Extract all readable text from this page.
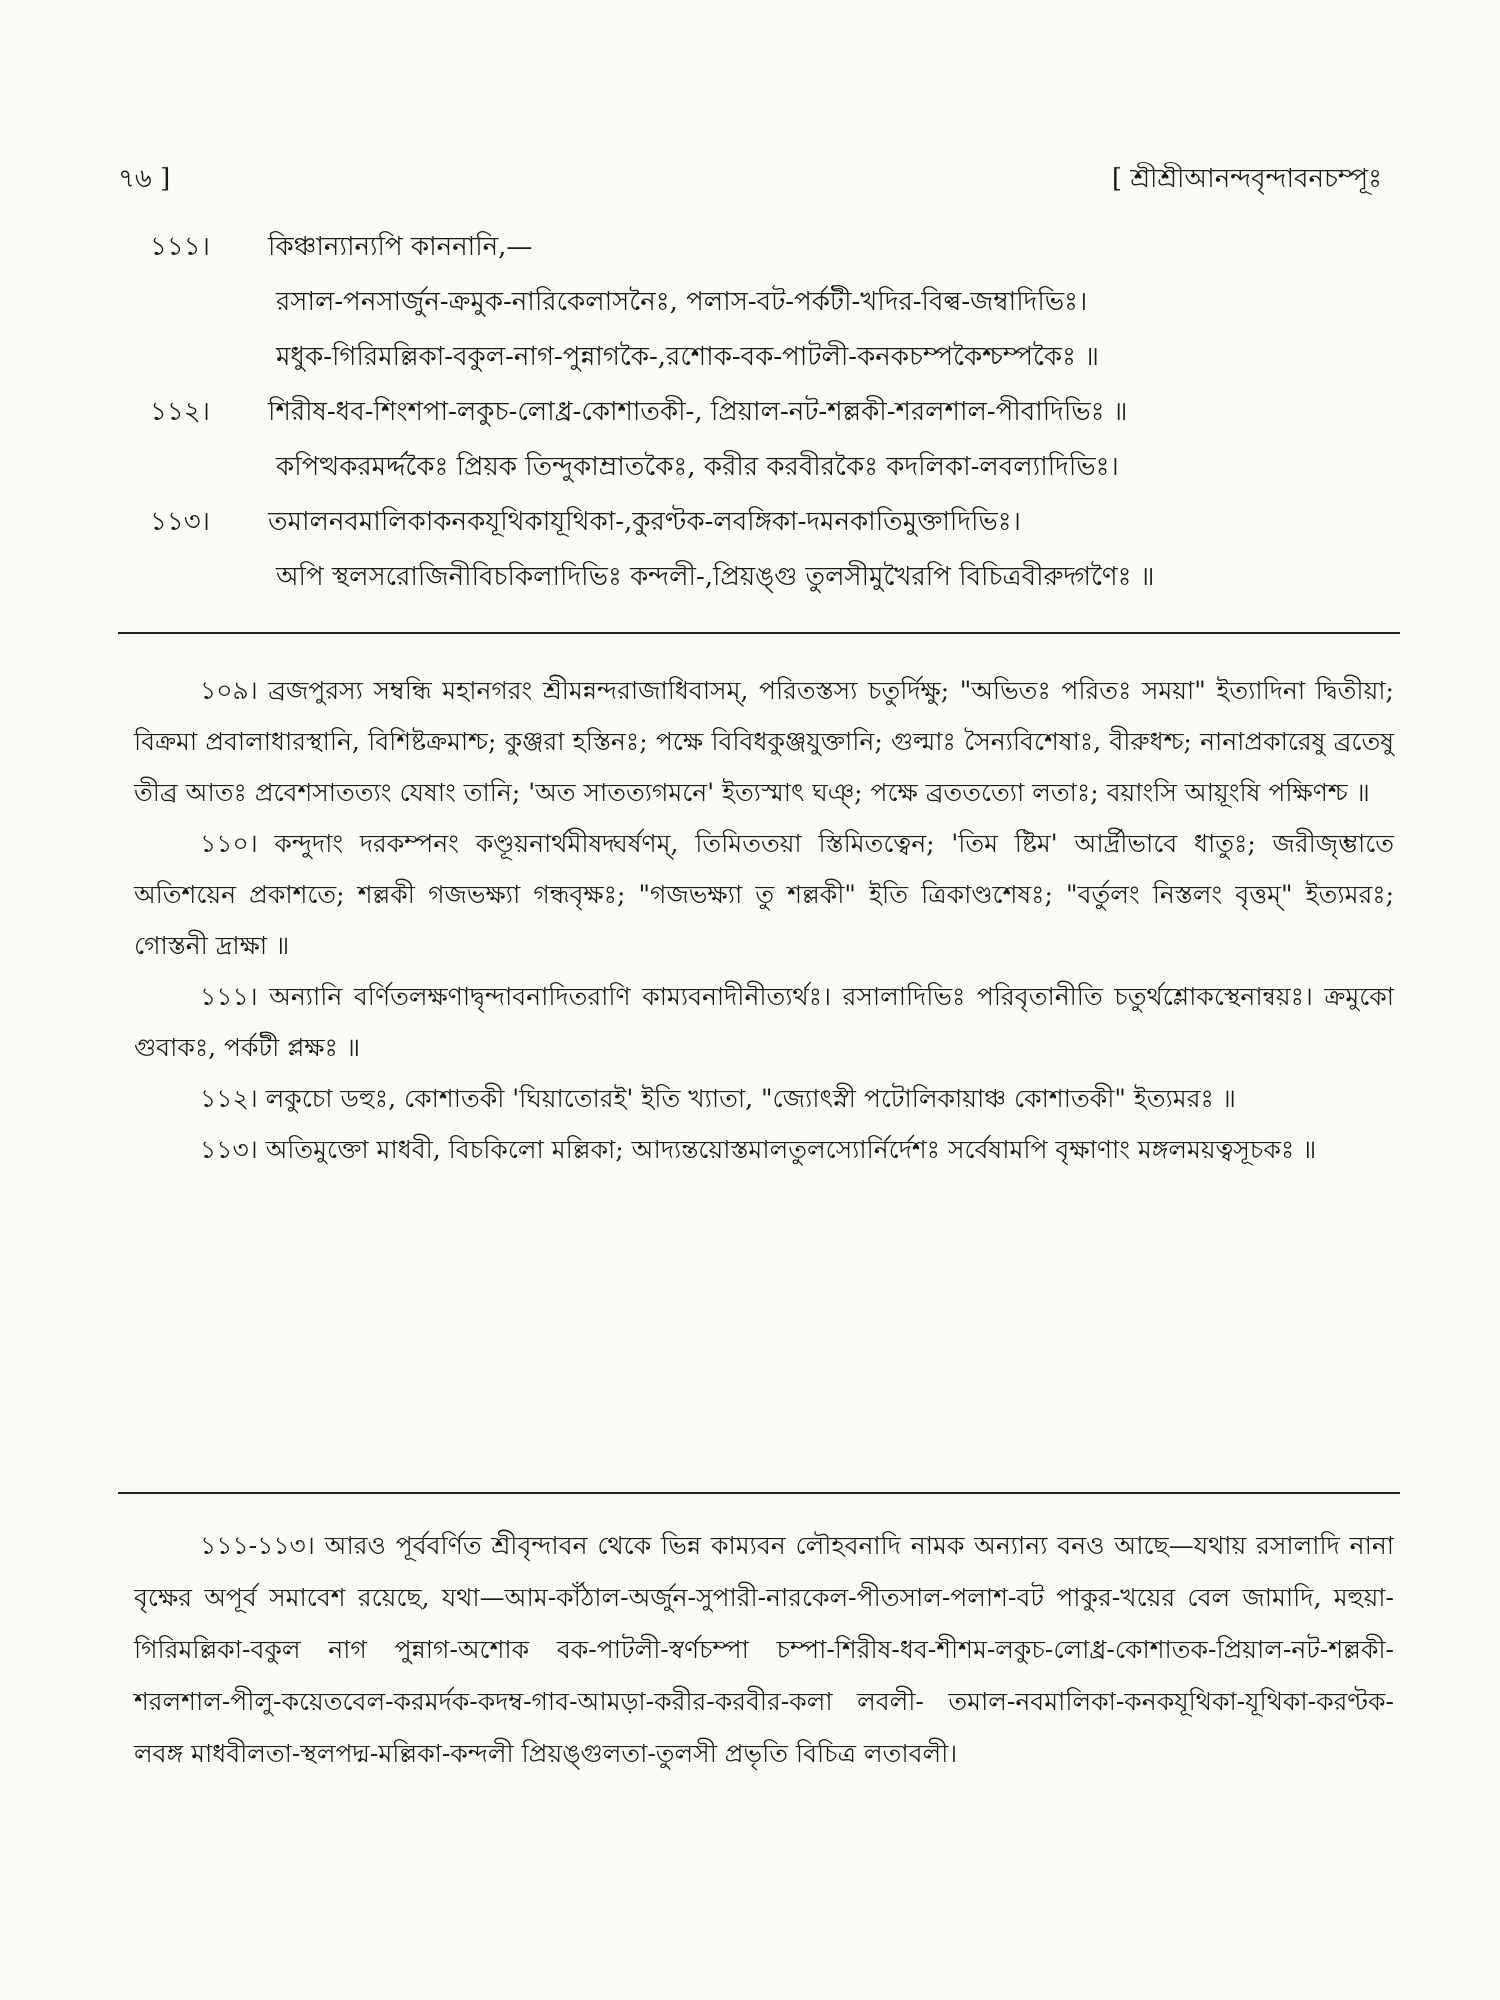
৭৬ ]	[ শ্রীশ্রীআনন্দবৃন্দাবনচম্পূঃ
১১১। কিঞ্চান্যান্যপি কাননানি,—
রসাল-পনসার্জুন-ক্রমুক-নারিকেলাসনৈঃ, পলাস-বট-পর্কটী-খদির-বিল্ব-জম্বাদিভিঃ।
মধুক-গিরিমল্লিকা-বকুল-নাগ-পুন্নাগকৈ-,রশোক-বক-পাটলী-কনকচম্পকৈশ্চম্পকৈঃ ॥
১১২। শিরীষ-ধব-শিংশপা-লকুচ-লোধ্র-কোশাতকী-, প্রিয়াল-নট-শল্লকী-শরলশাল-পীবাদিভিঃ ॥
কপিত্থকরমর্দ্দকৈঃ প্রিয়ক তিন্দুকাম্রাতকৈঃ, করীর করবীরকৈঃ কদলিকা-লবল্যাদিভিঃ।
১১৩। তমালনবমালিকাকনকযূথিকাযূথিকা-,কুরণ্টক-লবঙ্গিকা-দমনকাতিমুক্তাদিভিঃ।
অপি স্থলসরোজিনীবিচকিলাদিভিঃ কন্দলী-,প্রিয়ঙ্গু তুলসীমুখৈরপি বিচিত্রবীরুদ্গণৈঃ ॥

১০৯। ব্রজপুরস্য সম্বন্ধি মহানগরং শ্রীমন্নন্দরাজাধিবাসম্, পরিতস্তস্য চতুর্দিক্ষু; "অভিতঃ পরিতঃ সময়া" ইত্যাদিনা দ্বিতীয়া; বিক্রমা প্রবালাধারস্থানি, বিশিষ্টক্রমাশ্চ; কুঞ্জরা হস্তিনঃ; পক্ষে বিবিধকুঞ্জযুক্তানি; গুল্মাঃ সৈন্যবিশেষাঃ, বীরুধশ্চ; নানাপ্রকারেষু ব্রতেষু তীব্র আতঃ প্রবেশসাতত্যং যেষাং তানি; 'অত সাতত্যগমনে' ইত্যস্মাৎ ঘঞ্; পক্ষে ব্রততত্যো লতাঃ; বয়াংসি আয়ূংষি পক্ষিণশ্চ ॥

১১০। কন্দুদাং দরকম্পনং কণ্ডূয়নার্থমীষদ্ঘর্ষণম্, তিমিততয়া স্তিমিতত্বেন; 'তিম ষ্টিম' আর্দ্রীভাবে ধাতুঃ; জরীজৃম্ভাতে অতিশয়েন প্রকাশতে; শল্লকী গজভক্ষ্যা গন্ধবৃক্ষঃ; "গজভক্ষ্যা তু শল্লকী" ইতি ত্রিকাণ্ডশেষঃ; "বর্তুলং নিস্তলং বৃত্তম্" ইত্যমরঃ; গোস্তনী দ্রাক্ষা ॥

১১১। অন্যানি বর্ণিতলক্ষণাদ্বৃন্দাবনাদিতরাণি কাম্যবনাদীনীত্যর্থঃ। রসালাদিভিঃ পরিবৃতানীতি চতুর্থশ্লোকস্থেনান্বয়ঃ। ক্রমুকো গুবাকঃ, পর্কটী প্লক্ষঃ ॥

১১২। লকুচো ডহুঃ, কোশাতকী 'ঘিয়াতোরই' ইতি খ্যাতা, "জ্যোৎস্নী পটোলিকায়াঞ্চ কোশাতকী" ইত্যমরঃ ॥

১১৩। অতিমুক্তো মাধবী, বিচকিলো মল্লিকা; আদ্যন্তয়োস্তমালতুলস্যোর্নির্দেশঃ সর্বেষামপি বৃক্ষাণাং মঙ্গলময়ত্বসূচকঃ ॥

১১১-১১৩। আরও পূর্ববর্ণিত শ্রীবৃন্দাবন থেকে ভিন্ন কাম্যবন লৌহবনাদি নামক অন্যান্য বনও আছে—যথায় রসালাদি নানা বৃক্ষের অপূর্ব সমাবেশ রয়েছে, যথা—আম-কাঁঠাল-অর্জুন-সুপারী-নারকেল-পীতসাল-পলাশ-বট পাকুর-খয়ের বেল জামাদি, মহুয়া-গিরিমল্লিকা-বকুল নাগ পুন্নাগ-অশোক বক-পাটলী-স্বর্ণচম্পা চম্পা-শিরীষ-ধব-শীশম-লকুচ-লোধ্র-কোশাতক-প্রিয়াল-নট-শল্লকী-শরলশাল-পীলু-কয়েতবেল-করমর্দক-কদম্ব-গাব-আমড়া-করীর-করবীর-কলা লবলী- তমাল-নবমালিকা-কনকযূথিকা-যূথিকা-করণ্টক-লবঙ্গ মাধবীলতা-স্থলপদ্ম-মল্লিকা-কন্দলী প্রিয়ঙ্গুলতা-তুলসী প্রভৃতি বিচিত্র লতাবলী।
